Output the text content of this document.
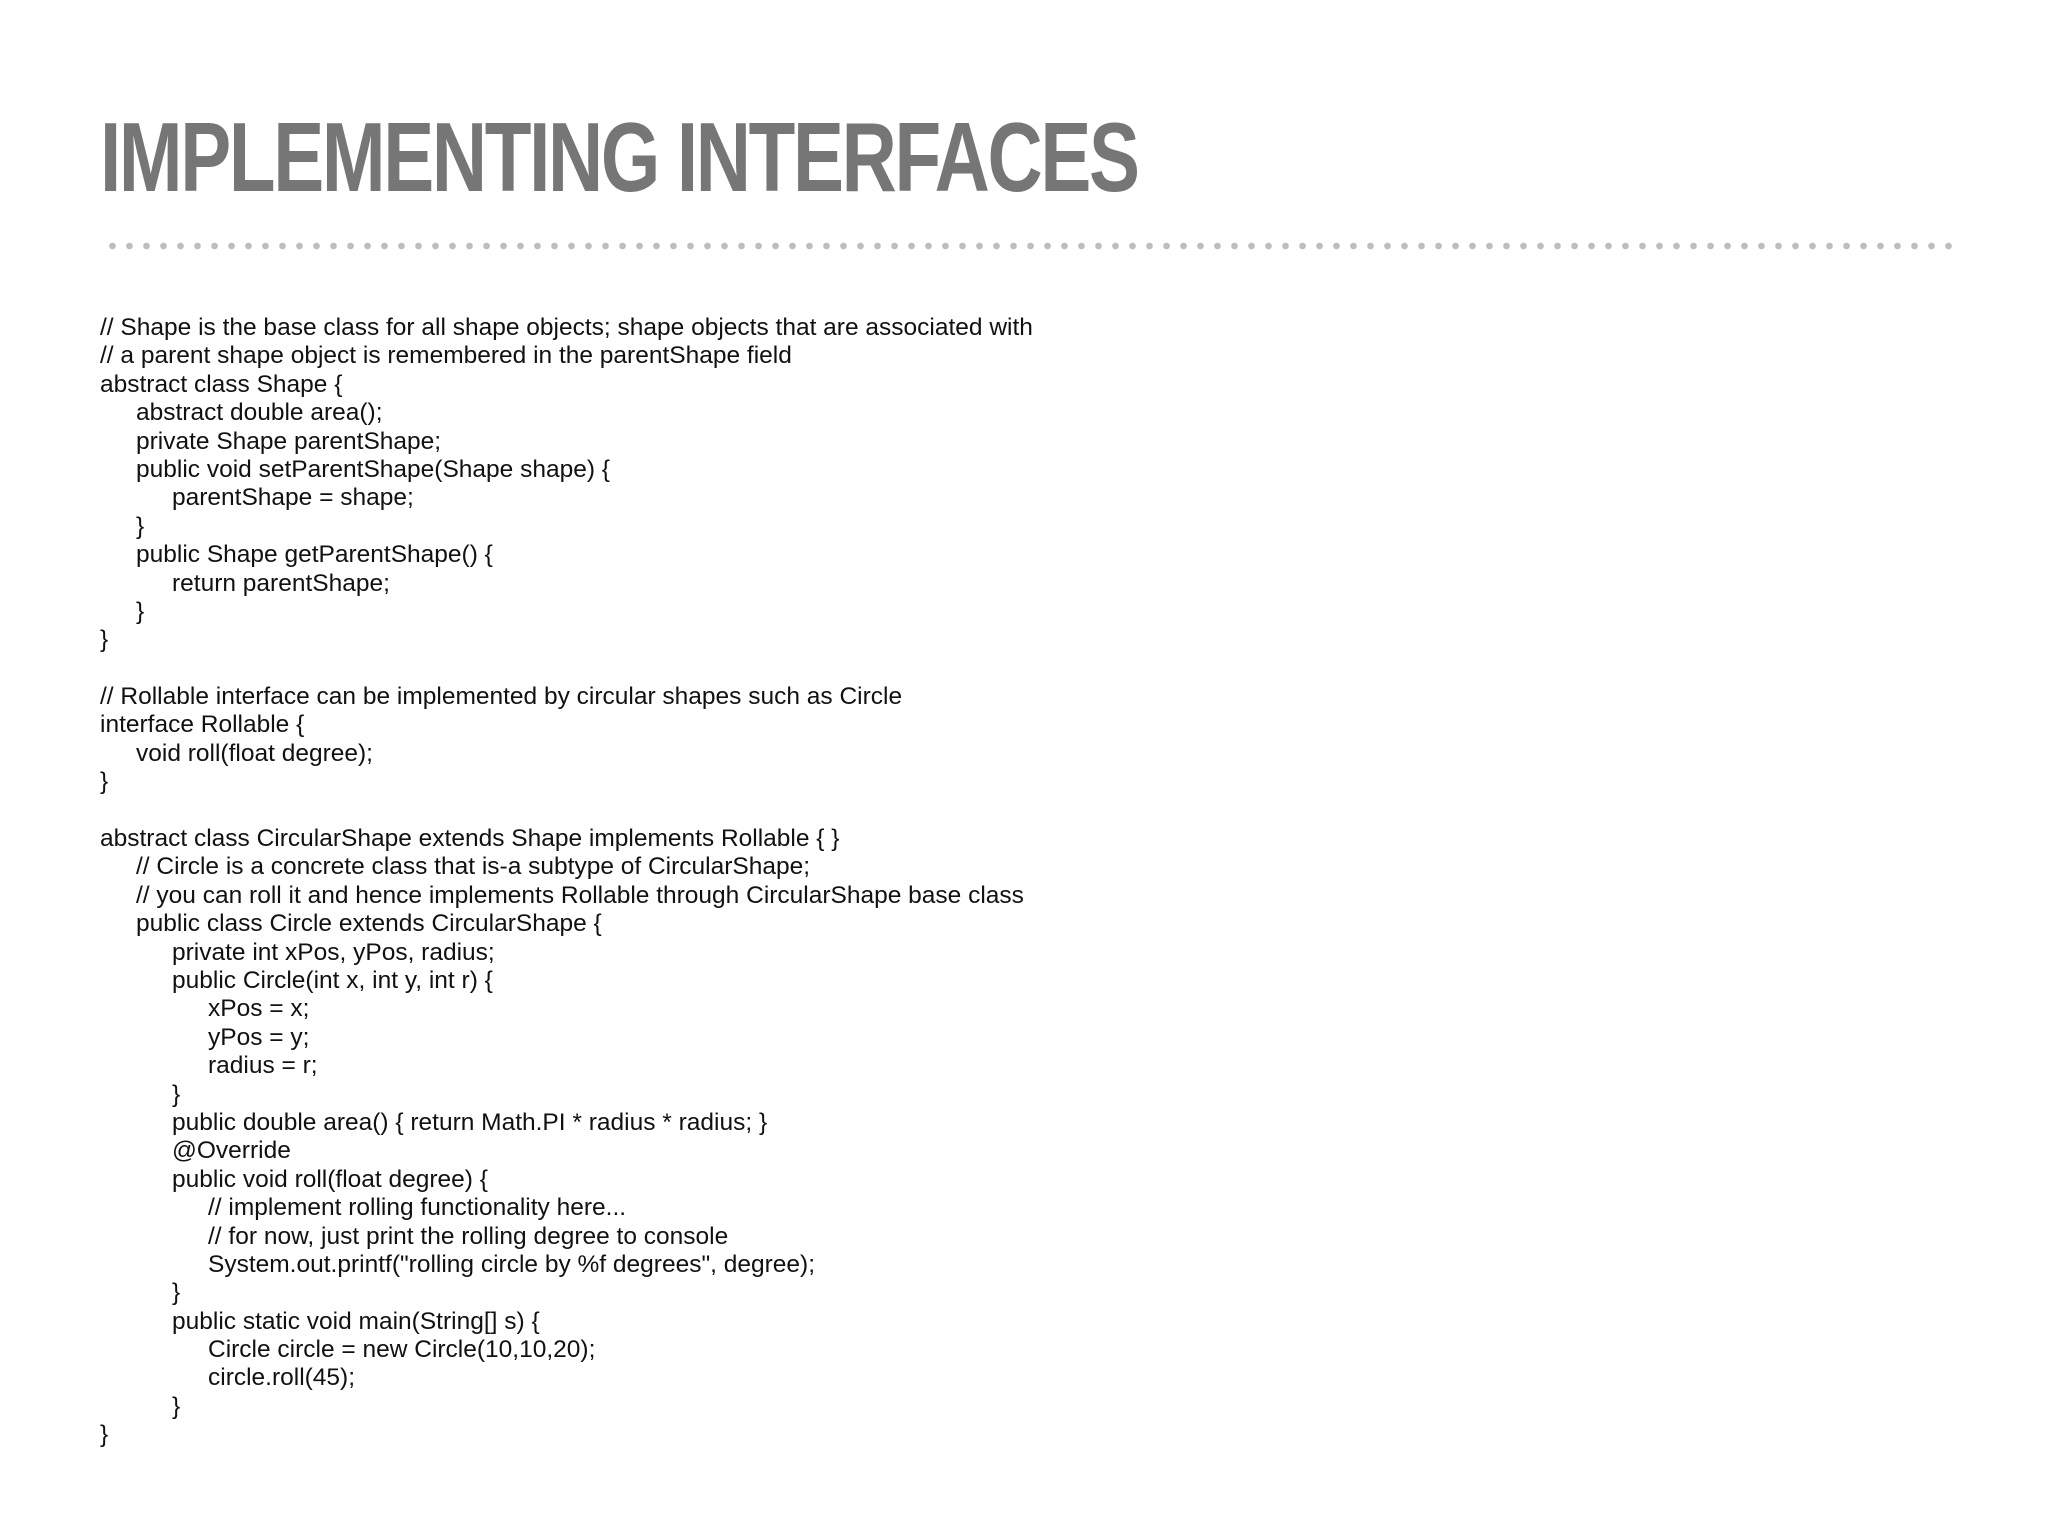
IMPLEMENTING INTERFACES
// Shape is the base class for all shape objects; shape objects that are associated with
// a parent shape object is remembered in the parentShape field
abstract class Shape {
abstract double area();
private Shape parentShape;
public void setParentShape(Shape shape) {
parentShape = shape;
}
public Shape getParentShape() {
return parentShape;
}
}
// Rollable interface can be implemented by circular shapes such as Circle
interface Rollable {
void roll(float degree);
}
abstract class CircularShape extends Shape implements Rollable { }
// Circle is a concrete class that is-a subtype of CircularShape;
// you can roll it and hence implements Rollable through CircularShape base class
public class Circle extends CircularShape {
private int xPos, yPos, radius;
public Circle(int x, int y, int r) {
xPos = x;
yPos = y;
radius = r;
}
public double area() { return Math.PI * radius * radius; }
@Override
public void roll(float degree) {
// implement rolling functionality here...
// for now, just print the rolling degree to console
System.out.printf("rolling circle by %f degrees", degree);
}
public static void main(String[] s) {
Circle circle = new Circle(10,10,20);
circle.roll(45);
}
}
